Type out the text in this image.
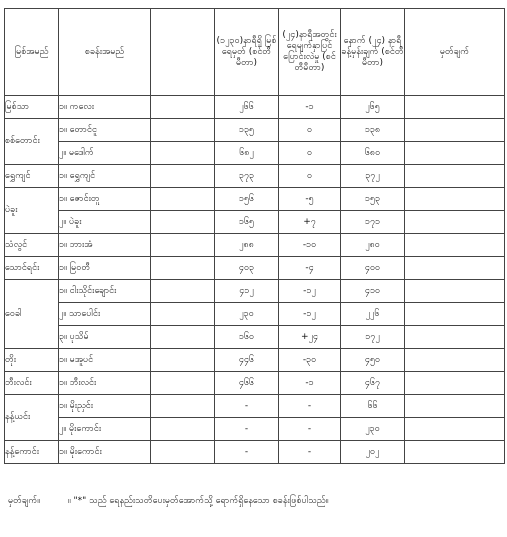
မြစ်အမည်	စခန်းအမည်		(၁၂၃၀)နာရီရှိ မြစ်ရေမှတ် (စင်တီမီတာ)	(၂၄)နာရီအတွင်း ရေမျက်နှာပြင် ပြောင်းလဲမှု (စင်တီမီတာ)	နောက် (၂၄) နာရီ ခန့်မှန်းချက် (စင်တီမီတာ)	မှတ်ချက်
မြစ်သာ	၁။ ကလေး		၂၆၆	-၁	၂၆၅	
စစ်တောင်း	၁။ တောင်ငူ		၁၃၅	၀	၁၃၈	
	၂။ မဒေါက်		၆၈၂	၀	၆၈၀	
ရွှေကျင်	၁။ ရွှေကျင်		၃၇၃	၀	၃၇၂	
ပဲခူး	၁။ ဇောင်းတူ		၁၅၆	-၅	၁၅၃	
	၂။ ပဲခူး		၁၆၅	+၇	၁၇၁	
သံလွင်	၁။ ဘားအံ		၂၈၈	-၁၀	၂၈၀	
သောင်ရင်း	၁။ မြဝတီ		၄၀၃	-၄	၄၀၀	
ဝေခါ	၁။ ငါးသိုင်းချောင်း		၄၁၂	-၁၂	၄၁၀	
	၂။ သာပေါင်း		၂၃၀	-၁၂	၂၂၆	
	၃။ ပုသိမ်		၁၆၀	+၂၄	၁၇၂	
တိုး	၁။ မအူပင်		၄၄၆	-၃၀	၄၅၀	
ဘီးလင်း	၁။ ဘီးလင်း		၄၆၆	-၁	၄၆၇	
နန့်ယင်း	၁။ မိုးညှင်း		-	-	၆၆	
	၂။ မိုးကောင်း		-	-	၂၃၀	
နန့်ကောင်း	၁။ မိုးကောင်း		-	-	၂၀၂	
မှတ်ချက်။	။ "*" သည် ရေနည်းသတိပေးမှတ်အောက်သို့ ရောက်ရှိနေသော စခန်းဖြစ်ပါသည်။
